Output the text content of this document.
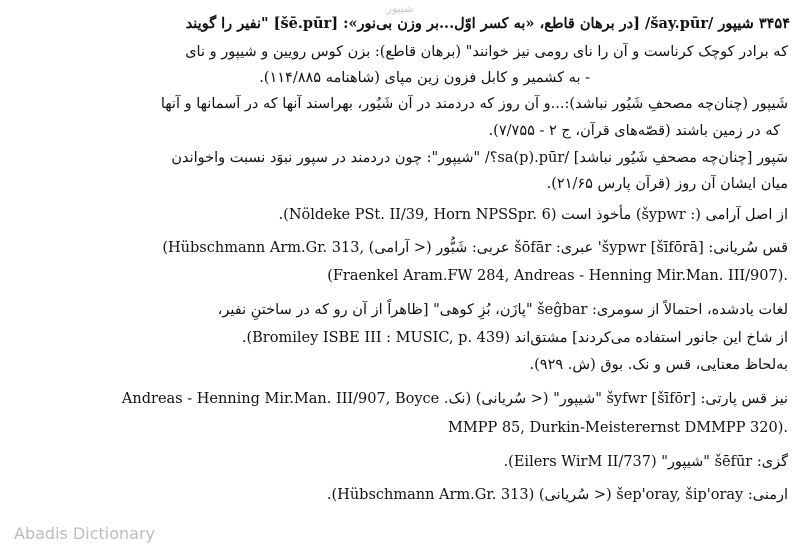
شیپور
۳۴۵۴ شیپور /šay.pūr/ [در برهان قاطع، «به کسر اوّل...بر وزن بی‌نور»: [šē.pūr] "نفیر را گویند
که برادر کوچک کرناست و آن را نای رومی نیز خوانند" (برهان قاطع): بزن کوس رویین و شیپور و نای
- به کشمیر و کابل فزون زین مپای (شاهنامه ۱۱۴/۸۸۵).
شَیپور (چنان‌چه مصحفِ شَیُور نباشد):...و آن روز که دردمند در آن شَیُور، بهراسند آنها که در آسمانها و آنها
که در زمین باشند (قصّه‌های قرآن، ج ۲ - ۷/۷۵۵).
سَپور [چنان‌چه مصحفِ شَیُور نباشد] /sa(p).pūr؟/ "شیپور": چون دردمند در سپور نبوَد نسبت واخواندن
میان ایشان آن روز (قرآن پارس ۲۱/۶۵).
از اصل آرامی (: šypwr) مأخوذ است (Nöldeke PSt. II/39, Horn NPSSpr. 6).
قس سُریانی: [šīfōrā] šypwr' عبری: šōfār عربی: شَبُّور (< آرامی) ,Hübschmann Arm.Gr. 313)
(Fraenkel Aram.FW 284, Andreas - Henning Mir.Man. III/907).
لغات یادشده، احتمالاً از سومری: šeĝbar "پازَن، بُزِ کوهی" [ظاهراً از آن رو که در ساختنِ نفیر،
از شاخ این جانور استفاده می‌کردند] مشتق‌اند (Bromiley ISBE III : MUSIC, p. 439).
به‌لحاظ معنایی، قس و نک. بوق (ش. ۹۲۹).
نیز قس پارتی: [šīfōr] šyfwr "شیپور" (< سُریانی) (نک. Andreas - Henning Mir.Man. III/907, Boyce
MMPP 85, Durkin-Meisterernst DMMPP 320).
گزی: šēfūr "شیپور" (Eilers WirM II/737).
ارمنی: šep'oray, šip'oray (< سُریانی) (Hübschmann Arm.Gr. 313).
Abadis Dictionary
